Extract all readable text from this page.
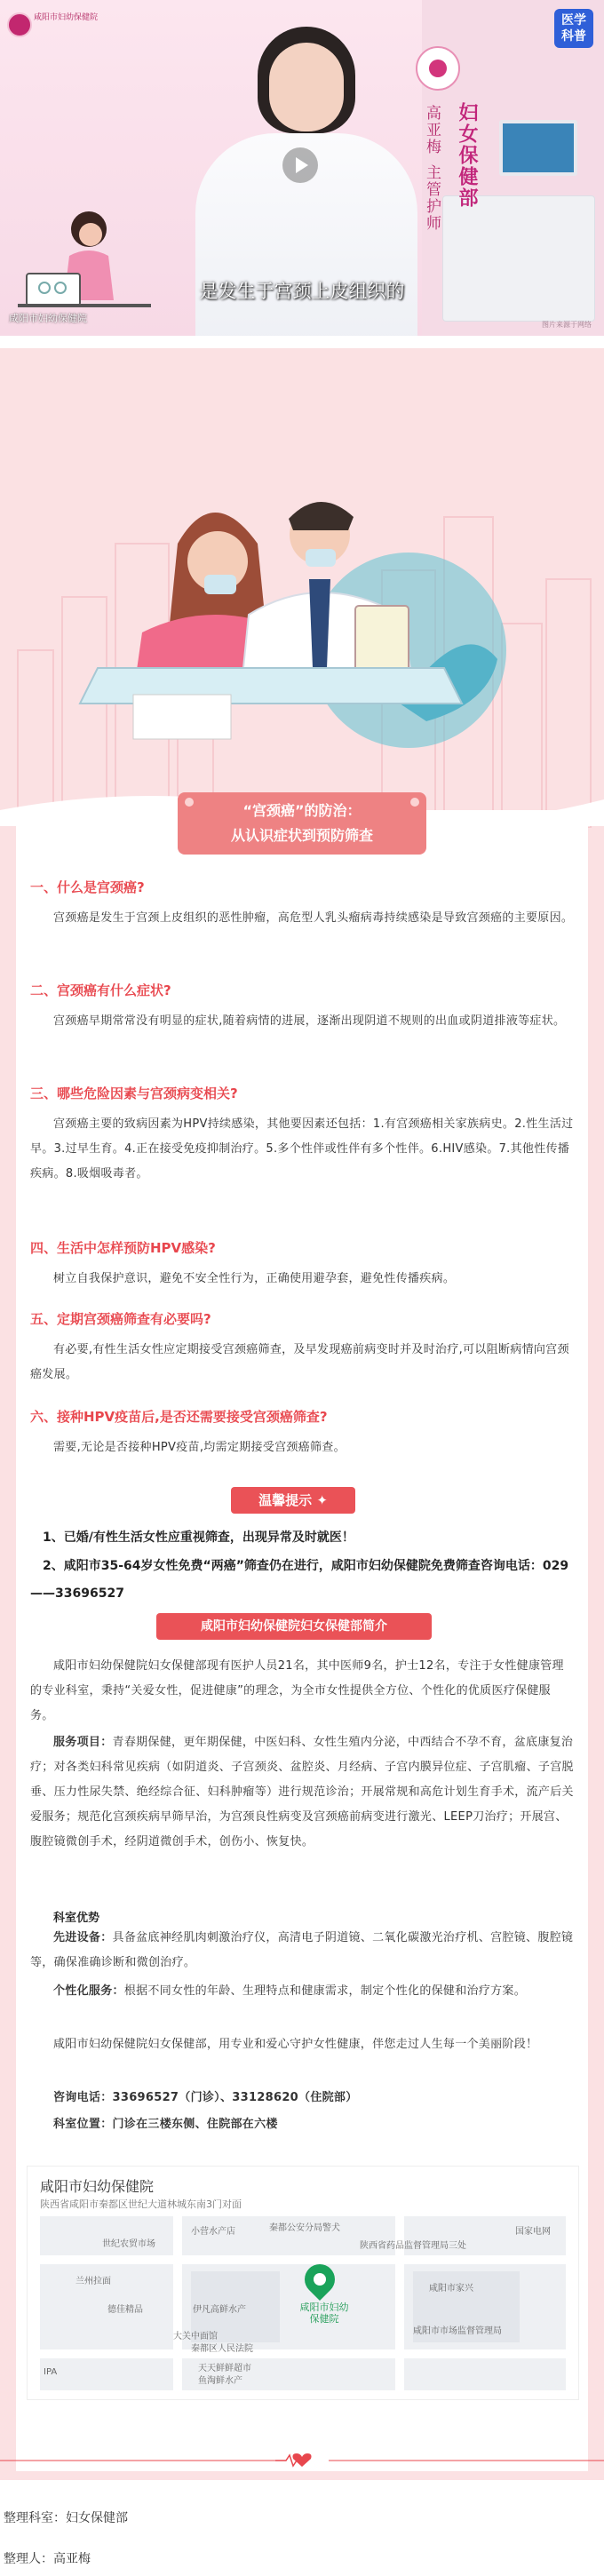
咸阳市妇幼保健院	医学
科普
妇女保健部
高亚梅
主管护师
是发生于宫颈上皮组织的
咸阳市妇幼保健院
图片来源于网络
“宫颈癌”的防治：
从认识症状到预防筛查
一、什么是宫颈癌?
宫颈癌是发生于宫颈上皮组织的恶性肿瘤，高危型人乳头瘤病毒持续感染是导致宫颈癌的主要原因。
二、宫颈癌有什么症状?
宫颈癌早期常常没有明显的症状,随着病情的进展，逐渐出现阴道不规则的出血或阴道排液等症状。
三、哪些危险因素与宫颈病变相关?
宫颈癌主要的致病因素为HPV持续感染，其他要因素还包括：1.有宫颈癌相关家族病史。2.性生活过早。3.过早生育。4.正在接受免疫抑制治疗。5.多个性伴或性伴有多个性伴。6.HIV感染。7.其他性传播疾病。8.吸烟吸毒者。
四、生活中怎样预防HPV感染?
树立自我保护意识，避免不安全性行为，正确使用避孕套，避免性传播疾病。
五、定期宫颈癌筛查有必要吗?
有必要,有性生活女性应定期接受宫颈癌筛查，及早发现癌前病变时并及时治疗,可以阻断病情向宫颈癌发展。
六、接种HPV疫苗后,是否还需要接受宫颈癌筛查?
需要,无论是否接种HPV疫苗,均需定期接受宫颈癌筛查。
温馨提示 ✦
1、已婚/有性生活女性应重视筛查，出现异常及时就医！
2、咸阳市35-64岁女性免费“两癌”筛查仍在进行，咸阳市妇幼保健院免费筛查咨询电话：029——33696527
咸阳市妇幼保健院妇女保健部简介
咸阳市妇幼保健院妇女保健部现有医护人员21名，其中医师9名，护士12名，专注于女性健康管理的专业科室，秉持“关爱女性，促进健康”的理念，为全市女性提供全方位、个性化的优质医疗保健服务。
服务项目：青春期保健，更年期保健，中医妇科、女性生殖内分泌，中西结合不孕不育，盆底康复治疗；对各类妇科常见疾病（如阴道炎、子宫颈炎、盆腔炎、月经病、子宫内膜异位症、子宫肌瘤、子宫脱垂、压力性尿失禁、绝经综合征、妇科肿瘤等）进行规范诊治；开展常规和高危计划生育手术，流产后关爱服务；规范化宫颈疾病早筛早治，为宫颈良性病变及宫颈癌前病变进行激光、LEEP刀治疗；开展宫、腹腔镜微创手术，经阴道微创手术，创伤小、恢复快。
科室优势
先进设备：具备盆底神经肌肉刺激治疗仪，高清电子阴道镜、二氧化碳激光治疗机、宫腔镜、腹腔镜等，确保准确诊断和微创治疗。
个性化服务：根据不同女性的年龄、生理特点和健康需求，制定个性化的保健和治疗方案。
咸阳市妇幼保健院妇女保健部，用专业和爱心守护女性健康，伴您走过人生每一个美丽阶段！
咨询电话：33696527（门诊）、33128620（住院部）
科室位置：门诊在三楼东侧、住院部在六楼
咸阳市妇幼保健院
陕西省咸阳市秦都区世纪大道林城东南3门对面
小营水产店	秦都公安分局警犬
陕西省药品监督管理局三处
国家电网
世纪农贸市场
兰州拉面
咸阳市家兴
伊凡高鲜水产
德佳精品
大关中面馆
秦都区人民法院
天天鲜鲜超市
鱼淘鲜水产
咸阳市市场监督管理局
IPA
咸阳市妇幼保健院
整理科室：妇女保健部
整理人：高亚梅
